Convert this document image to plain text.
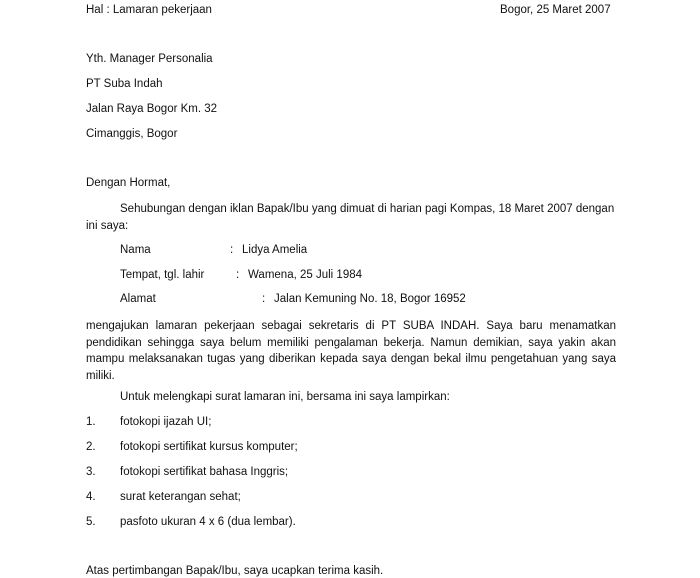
Hal : Lamaran pekerjaan	Bogor, 25 Maret 2007
Yth. Manager Personalia
PT Suba Indah
Jalan Raya Bogor Km. 32
Cimanggis, Bogor
Dengan Hormat,
Sehubungan dengan iklan Bapak/Ibu yang dimuat di harian pagi Kompas, 18 Maret 2007 dengan
ini saya:
Nama	: Lidya Amelia
Tempat, tgl. lahir	: Wamena, 25 Juli 1984
Alamat	: Jalan Kemuning No. 18, Bogor 16952
mengajukan lamaran pekerjaan sebagai sekretaris di PT SUBA INDAH. Saya baru menamatkan pendidikan sehingga saya belum memiliki pengalaman bekerja. Namun demikian, saya yakin akan mampu melaksanakan tugas yang diberikan kepada saya dengan bekal ilmu pengetahuan yang saya miliki.
Untuk melengkapi surat lamaran ini, bersama ini saya lampirkan:
1. fotokopi ijazah UI;
2. fotokopi sertifikat kursus komputer;
3. fotokopi sertifikat bahasa Inggris;
4. surat keterangan sehat;
5. pasfoto ukuran 4 x 6 (dua lembar).
Atas pertimbangan Bapak/Ibu, saya ucapkan terima kasih.
